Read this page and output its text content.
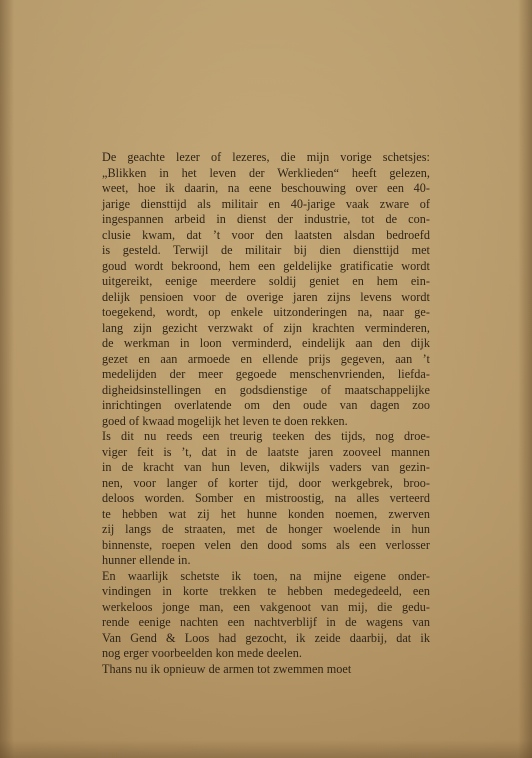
De geachte lezer of lezeres, die mijn vorige schetsjes:
„Blikken in het leven der Werklieden“ heeft gelezen,
weet, hoe ik daarin, na eene beschouwing over een 40-
jarige diensttijd als militair en 40-jarige vaak zware of
ingespannen arbeid in dienst der industrie, tot de con-
clusie kwam, dat ’t voor den laatsten alsdan bedroefd
is gesteld. Terwijl de militair bij dien diensttijd met
goud wordt bekroond, hem een geldelijke gratificatie wordt
uitgereikt, eenige meerdere soldij geniet en hem ein-
delijk pensioen voor de overige jaren zijns levens wordt
toegekend, wordt, op enkele uitzonderingen na, naar ge-
lang zijn gezicht verzwakt of zijn krachten verminderen,
de werkman in loon verminderd, eindelijk aan den dijk
gezet en aan armoede en ellende prijs gegeven, aan ’t
medelijden der meer gegoede menschenvrienden, liefda-
digheidsinstellingen en godsdienstige of maatschappelijke
inrichtingen overlatende om den oude van dagen zoo
goed of kwaad mogelijk het leven te doen rekken.
Is dit nu reeds een treurig teeken des tijds, nog droe-
viger feit is ’t, dat in de laatste jaren zooveel mannen
in de kracht van hun leven, dikwijls vaders van gezin-
nen, voor langer of korter tijd, door werkgebrek, broo-
deloos worden. Somber en mistroostig, na alles verteerd
te hebben wat zij het hunne konden noemen, zwerven
zij langs de straaten, met de honger woelende in hun
binnenste, roepen velen den dood soms als een verlosser
hunner ellende in.
En waarlijk schetste ik toen, na mijne eigene onder-
vindingen in korte trekken te hebben medegedeeld, een
werkeloos jonge man, een vakgenoot van mij, die gedu-
rende eenige nachten een nachtverblijf in de wagens van
Van Gend & Loos had gezocht, ik zeide daarbij, dat ik
nog erger voorbeelden kon mede deelen.
Thans nu ik opnieuw de armen tot zwemmen moet
